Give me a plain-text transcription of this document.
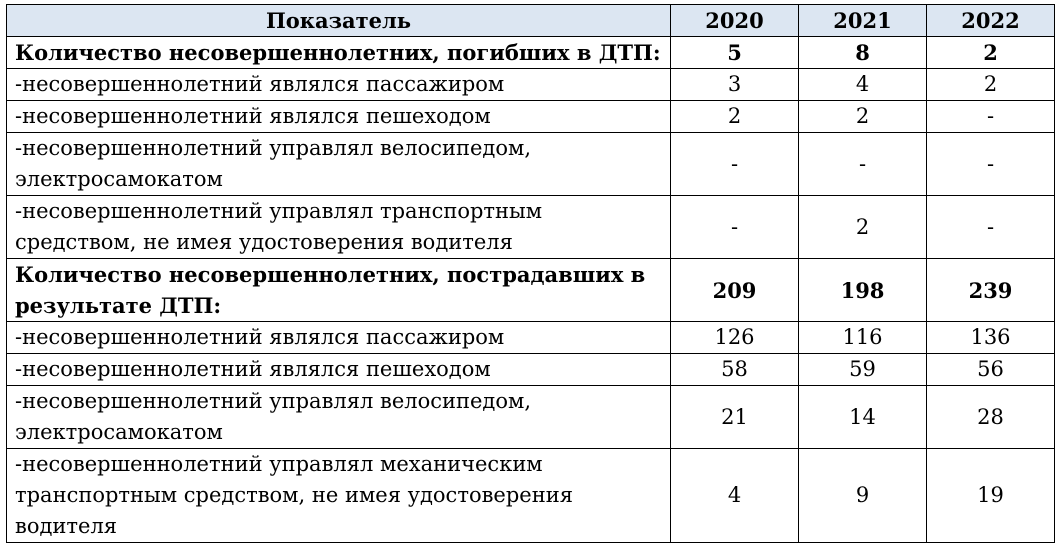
Показатель	2020	2021	2022
Количество несовершеннолетних, погибших в ДТП:	5	8	2
-несовершеннолетний являлся пассажиром	3	4	2
-несовершеннолетний являлся пешеходом	2	2	-
-несовершеннолетний управлял велосипедом, электросамокатом	-	-	-
-несовершеннолетний управлял транспортным средством, не имея удостоверения водителя	-	2	-
Количество несовершеннолетних, пострадавших в результате ДТП:	209	198	239
-несовершеннолетний являлся пассажиром	126	116	136
-несовершеннолетний являлся пешеходом	58	59	56
-несовершеннолетний управлял велосипедом, электросамокатом	21	14	28
-несовершеннолетний управлял механическим транспортным средством, не имея удостоверения водителя	4	9	19
